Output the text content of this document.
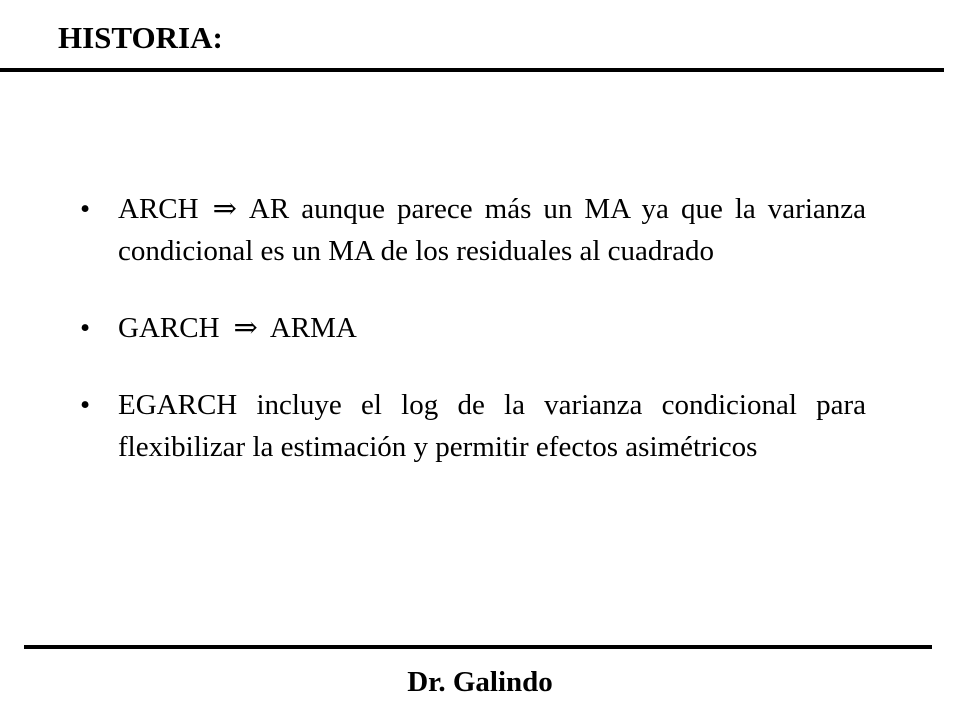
HISTORIA:
• ARCH ⇒ AR aunque parece más un MA ya que la varianza condicional es un MA de los residuales al cuadrado
• GARCH ⇒ ARMA
• EGARCH incluye el log de la varianza condicional para flexibilizar la estimación y permitir efectos asimétricos
Dr. Galindo
